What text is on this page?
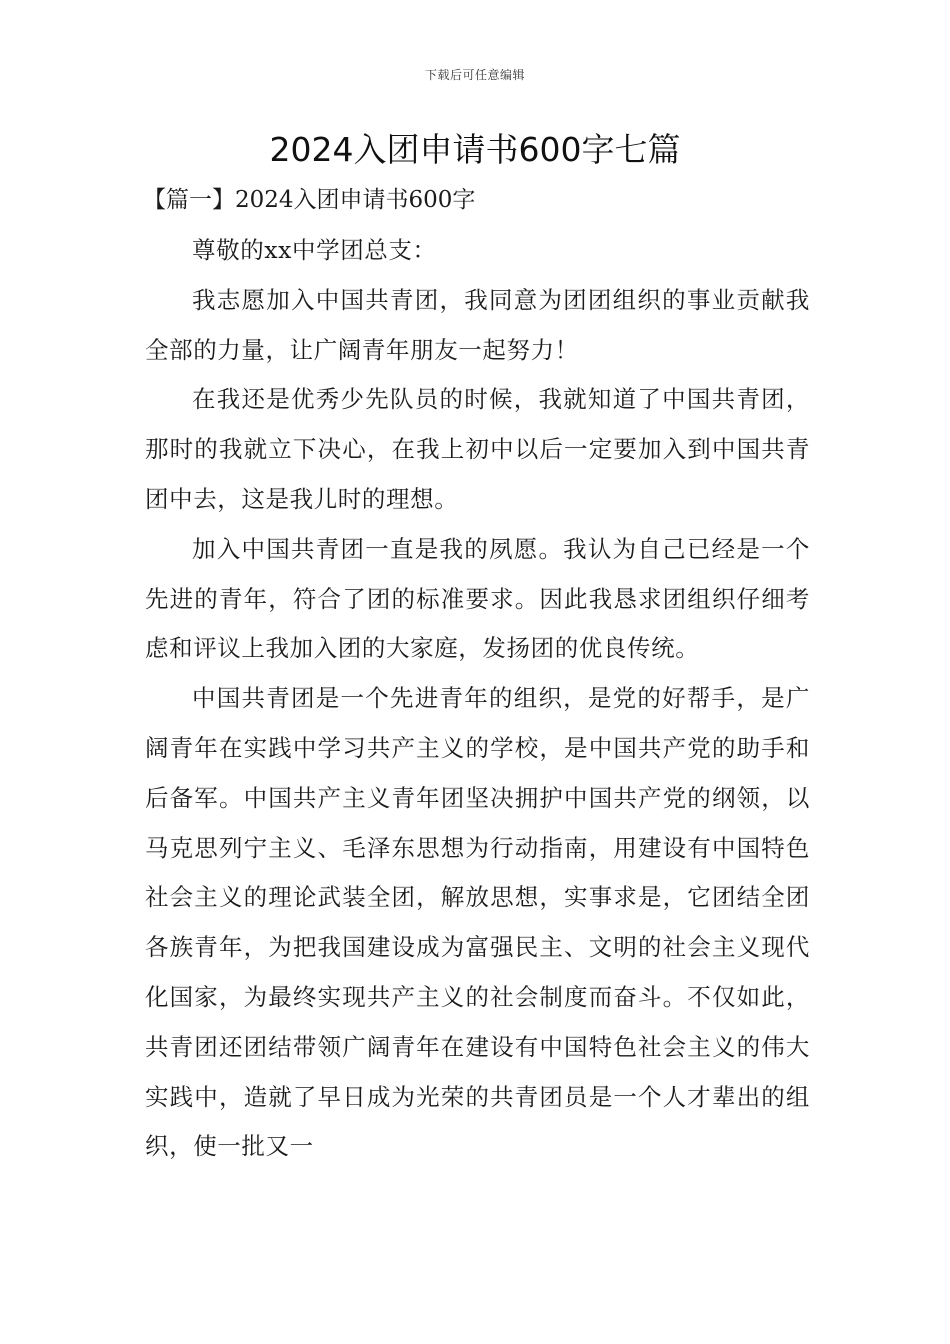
下载后可任意编辑
2024入团申请书600字七篇
【篇一】2024入团申请书600字

尊敬的xx中学团总支：

我志愿加入中国共青团，我同意为团团组织的事业贡献我全部的力量，让广阔青年朋友一起努力！

在我还是优秀少先队员的时候，我就知道了中国共青团，那时的我就立下决心，在我上初中以后一定要加入到中国共青团中去，这是我儿时的理想。

加入中国共青团一直是我的夙愿。我认为自己已经是一个先进的青年，符合了团的标准要求。因此我恳求团组织仔细考虑和评议上我加入团的大家庭，发扬团的优良传统。

中国共青团是一个先进青年的组织，是党的好帮手，是广阔青年在实践中学习共产主义的学校，是中国共产党的助手和后备军。中国共产主义青年团坚决拥护中国共产党的纲领，以马克思列宁主义、毛泽东思想为行动指南，用建设有中国特色社会主义的理论武装全团，解放思想，实事求是，它团结全团各族青年，为把我国建设成为富强民主、文明的社会主义现代化国家，为最终实现共产主义的社会制度而奋斗。不仅如此，共青团还团结带领广阔青年在建设有中国特色社会主义的伟大实践中，造就了早日成为光荣的共青团员是一个人才辈出的组织，使一批又一
